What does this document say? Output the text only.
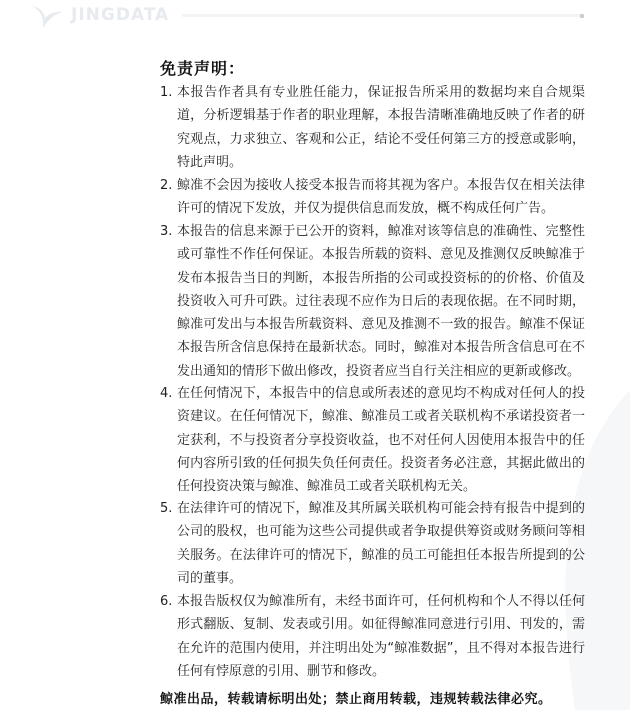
JINGDATA
免责声明：
1. 本报告作者具有专业胜任能力，保证报告所采用的数据均来自合规渠道，分析逻辑基于作者的职业理解，本报告清晰准确地反映了作者的研究观点，力求独立、客观和公正，结论不受任何第三方的授意或影响，特此声明。
2. 鲸准不会因为接收人接受本报告而将其视为客户。本报告仅在相关法律许可的情况下发放，并仅为提供信息而发放，概不构成任何广告。
3. 本报告的信息来源于已公开的资料，鲸准对该等信息的准确性、完整性或可靠性不作任何保证。本报告所载的资料、意见及推测仅反映鲸准于发布本报告当日的判断，本报告所指的公司或投资标的的价格、价值及投资收入可升可跌。过往表现不应作为日后的表现依据。在不同时期，鲸准可发出与本报告所载资料、意见及推测不一致的报告。鲸准不保证本报告所含信息保持在最新状态。同时，鲸准对本报告所含信息可在不发出通知的情形下做出修改，投资者应当自行关注相应的更新或修改。
4. 在任何情况下，本报告中的信息或所表述的意见均不构成对任何人的投资建议。在任何情况下，鲸准、鲸准员工或者关联机构不承诺投资者一定获利，不与投资者分享投资收益，也不对任何人因使用本报告中的任何内容所引致的任何损失负任何责任。投资者务必注意，其据此做出的任何投资决策与鲸准、鲸准员工或者关联机构无关。
5. 在法律许可的情况下，鲸准及其所属关联机构可能会持有报告中提到的公司的股权，也可能为这些公司提供或者争取提供筹资或财务顾问等相关服务。在法律许可的情况下，鲸准的员工可能担任本报告所提到的公司的董事。
6. 本报告版权仅为鲸准所有，未经书面许可，任何机构和个人不得以任何形式翻版、复制、发表或引用。如征得鲸准同意进行引用、刊发的，需在允许的范围内使用，并注明出处为“鲸准数据”，且不得对本报告进行任何有悖原意的引用、删节和修改。

鲸准出品，转载请标明出处；禁止商用转载，违规转载法律必究。
